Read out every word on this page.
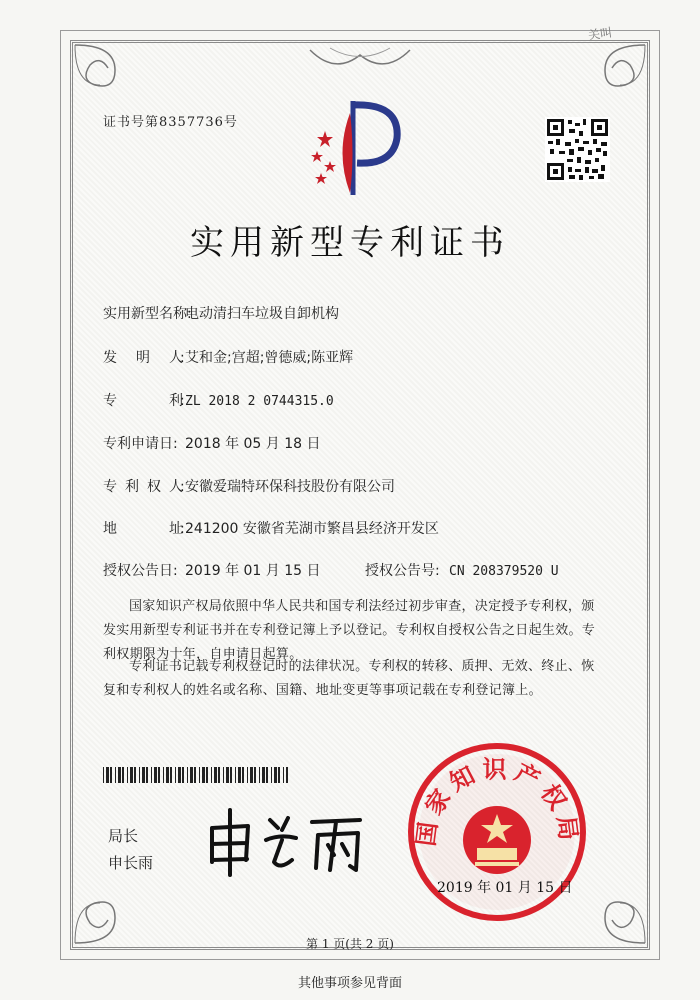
关叫
证书号第8357736号
实用新型专利证书
实用新型名称:电动清扫车垃圾自卸机构
发　　明　　人: 艾和金;宫超;曾德威;陈亚辉
专　　　　　利: ZL 2018 2 0744315.0
专利申请日: 2018 年 05 月 18 日
专　利　权　人: 安徽爱瑞特环保科技股份有限公司
地　　　　　址: 241200 安徽省芜湖市繁昌县经济开发区
授权公告日: 2019 年 01 月 15 日	授权公告号: CN 208379520 U
国家知识产权局依照中华人民共和国专利法经过初步审查，决定授予专利权，颁发实用新型专利证书并在专利登记簿上予以登记。专利权自授权公告之日起生效。专利权期限为十年，自申请日起算。
专利证书记载专利权登记时的法律状况。专利权的转移、质押、无效、终止、恢复和专利权人的姓名或名称、国籍、地址变更等事项记载在专利登记簿上。
局长
申长雨
国家知识产权局
2019 年 01 月 15 日
第 1 页(共 2 页)
其他事项参见背面
